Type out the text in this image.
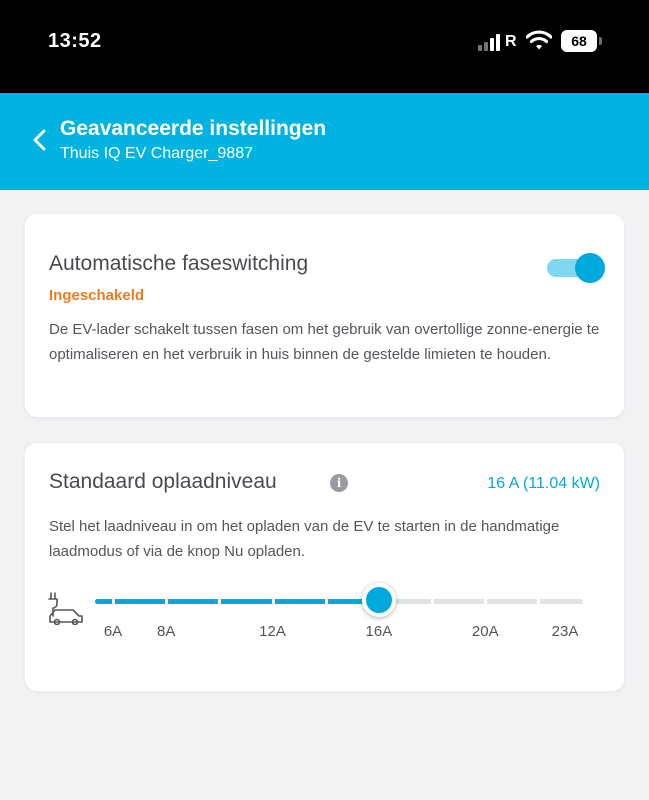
13:52	R	68
Geavanceerde instellingen
Thuis IQ EV Charger_9887
Automatische faseswitching
Ingeschakeld
De EV-lader schakelt tussen fasen om het gebruik van overtollige zonne-energie te optimaliseren en het verbruik in huis binnen de gestelde limieten te houden.
Standaard oplaadniveau	i	16 A (11.04 kW)
Stel het laadniveau in om het opladen van de EV te starten in de handmatige laadmodus of via de knop Nu opladen.
6A 8A	12A	16A	20A	23A
